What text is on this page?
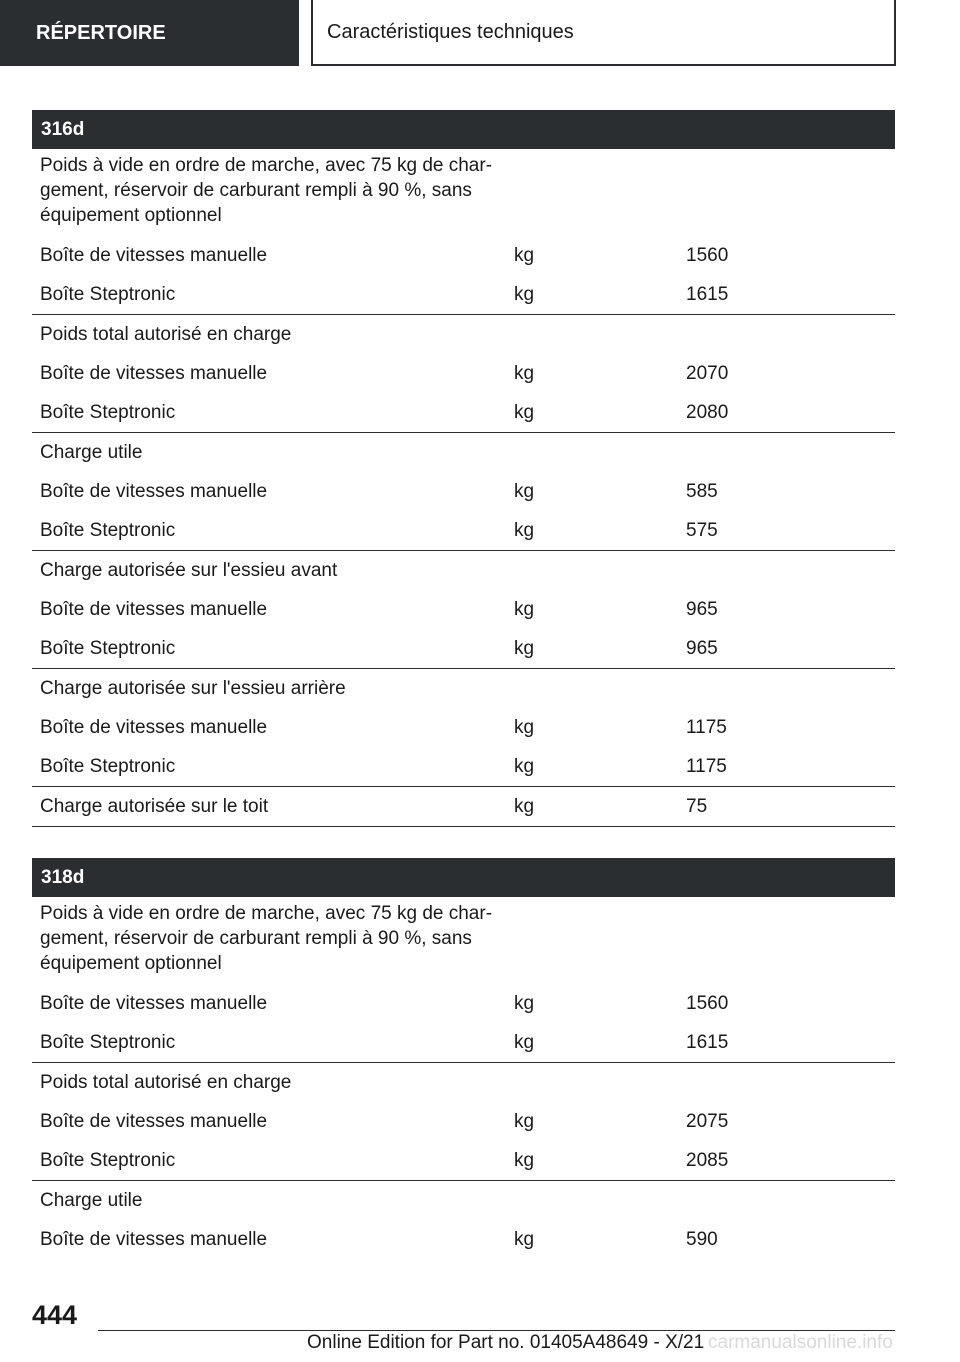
RÉPERTOIRE	Caractéristiques techniques
316d
Poids à vide en ordre de marche, avec 75 kg de char-
gement, réservoir de carburant rempli à 90 %, sans
équipement optionnel
Boîte de vitesses manuelle	kg	1560
Boîte Steptronic	kg	1615
Poids total autorisé en charge
Boîte de vitesses manuelle	kg	2070
Boîte Steptronic	kg	2080
Charge utile
Boîte de vitesses manuelle	kg	585
Boîte Steptronic	kg	575
Charge autorisée sur l'essieu avant
Boîte de vitesses manuelle	kg	965
Boîte Steptronic	kg	965
Charge autorisée sur l'essieu arrière
Boîte de vitesses manuelle	kg	1175
Boîte Steptronic	kg	1175
Charge autorisée sur le toit	kg	75
318d
Poids à vide en ordre de marche, avec 75 kg de char-
gement, réservoir de carburant rempli à 90 %, sans
équipement optionnel
Boîte de vitesses manuelle	kg	1560
Boîte Steptronic	kg	1615
Poids total autorisé en charge
Boîte de vitesses manuelle	kg	2075
Boîte Steptronic	kg	2085
Charge utile
Boîte de vitesses manuelle	kg	590
444
Online Edition for Part no. 01405A48649 - X/21 carmanualsonline.info
